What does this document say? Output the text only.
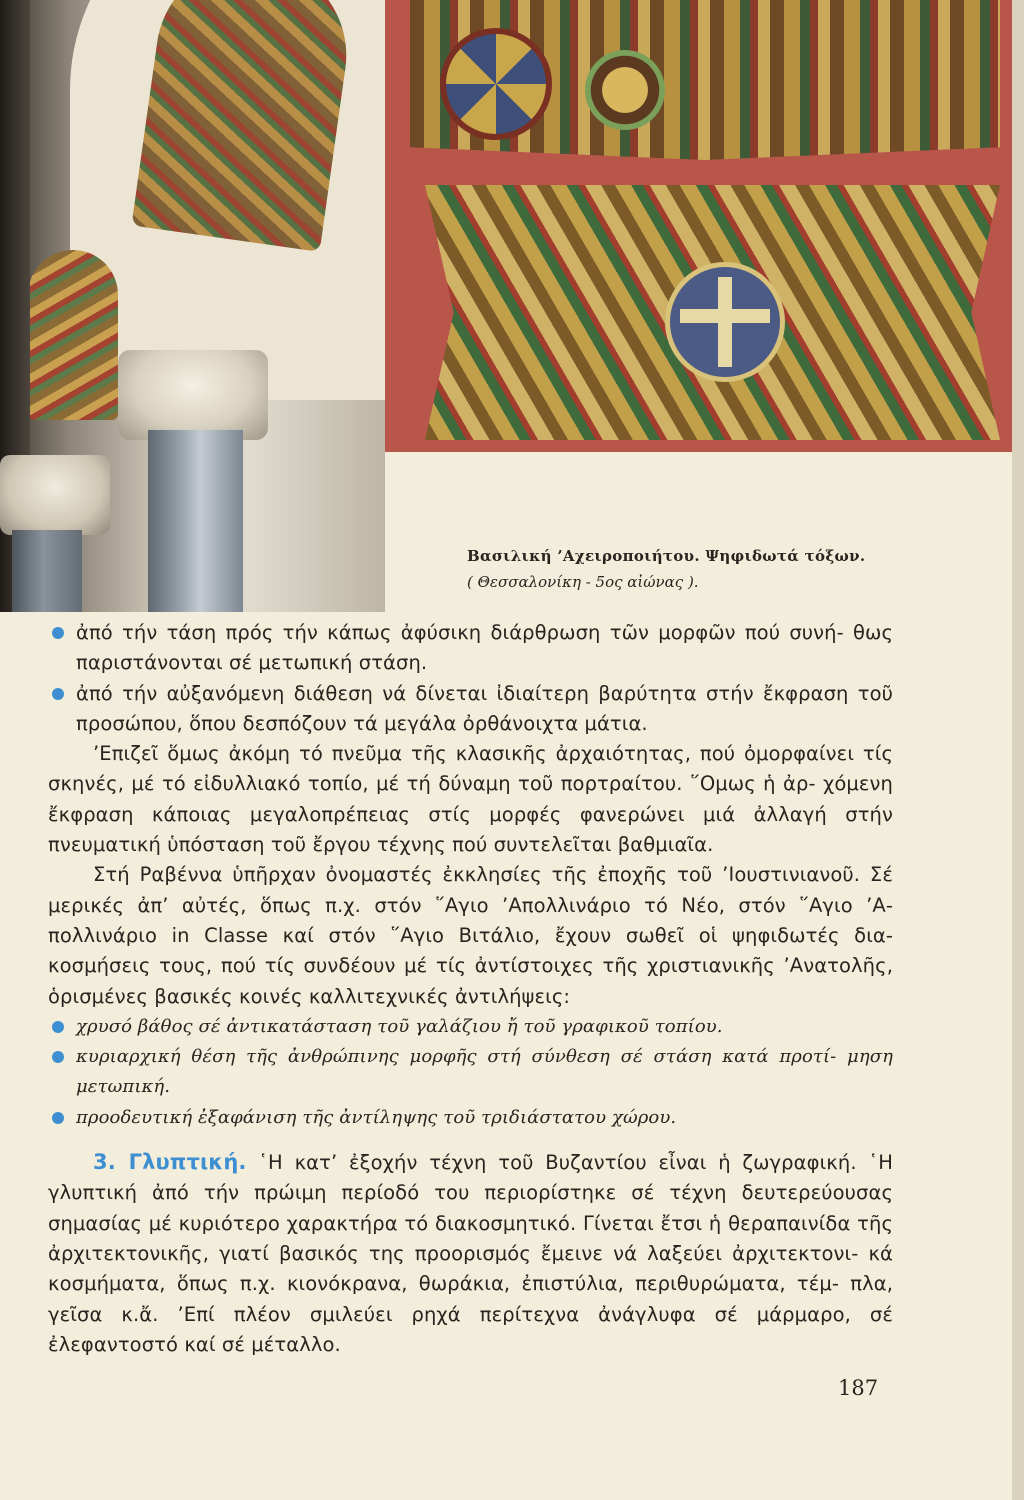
Βασιλική ’Αχειροποιήτου. Ψηφιδωτά τόξων.
( Θεσσαλονίκη - 5ος αἰώνας ).

ἀπό τήν τάση πρός τήν κάπως ἀφύσικη διάρθρωση τῶν μορφῶν πού συνή- θως παριστάνονται σέ μετωπική στάση.

ἀπό τήν αὐξανόμενη διάθεση νά δίνεται ἰδιαίτερη βαρύτητα στήν ἔκφραση τοῦ προσώπου, ὅπου δεσπόζουν τά μεγάλα ὀρθάνοιχτα μάτια.

’Επιζεῖ ὅμως ἀκόμη τό πνεῦμα τῆς κλασικῆς ἀρχαιότητας, πού ὀμορφαίνει τίς σκηνές, μέ τό εἰδυλλιακό τοπίο, μέ τή δύναμη τοῦ πορτραίτου. ῞Ομως ἡ ἀρ- χόμενη ἔκφραση κάποιας μεγαλοπρέπειας στίς μορφές φανερώνει μιά ἀλλαγή στήν πνευματική ὑπόσταση τοῦ ἔργου τέχνης πού συντελεῖται βαθμιαῖα.

Στή Ραβέννα ὑπῆρχαν ὀνομαστές ἐκκλησίες τῆς ἐποχῆς τοῦ ’Ιουστινιανοῦ. Σέ μερικές ἀπ’ αὐτές, ὅπως π.χ. στόν ῞Αγιο ’Απολλινάριο τό Νέο, στόν ῞Αγιο ’Α- πολλινάριο in Classe καί στόν ῞Αγιο Βιτάλιο, ἔχουν σωθεῖ οἱ ψηφιδωτές δια- κοσμήσεις τους, πού τίς συνδέουν μέ τίς ἀντίστοιχες τῆς χριστιανικῆς ’Ανατολῆς, ὁρισμένες βασικές κοινές καλλιτεχνικές ἀντιλήψεις:

χρυσό βάθος σέ ἀντικατάσταση τοῦ γαλάζιου ἤ τοῦ γραφικοῦ τοπίου.

κυριαρχική θέση τῆς ἀνθρώπινης μορφῆς στή σύνθεση σέ στάση κατά προτί- μηση μετωπική.

προοδευτική ἐξαφάνιση τῆς ἀντίληψης τοῦ τριδιάστατου χώρου.

3. Γλυπτική. ῾Η κατ’ ἐξοχήν τέχνη τοῦ Βυζαντίου εἶναι ἡ ζωγραφική. ῾Η γλυπτική ἀπό τήν πρώιμη περίοδό του περιορίστηκε σέ τέχνη δευτερεύουσας σημασίας μέ κυριότερο χαρακτήρα τό διακοσμητικό. Γίνεται ἔτσι ἡ θεραπαινίδα τῆς ἀρχιτεκτονικῆς, γιατί βασικός της προορισμός ἔμεινε νά λαξεύει ἀρχιτεκτονι- κά κοσμήματα, ὅπως π.χ. κιονόκρανα, θωράκια, ἐπιστύλια, περιθυρώματα, τέμ- πλα, γεῖσα κ.ἄ. ’Επί πλέον σμιλεύει ρηχά περίτεχνα ἀνάγλυφα σέ μάρμαρο, σέ ἐλεφαντοστό καί σέ μέταλλο.

187
